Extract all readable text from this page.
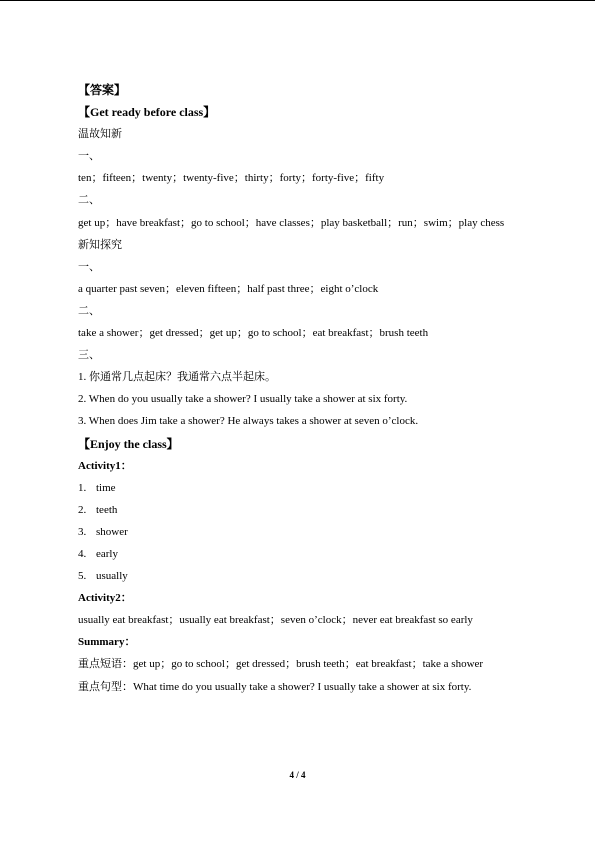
【答案】
【Get ready before class】
温故知新
一、
ten；fifteen；twenty；twenty-five；thirty；forty；forty-five；fifty
二、
get up；have breakfast；go to school；have classes；play basketball；run；swim；play chess
新知探究
一、
a quarter past seven；eleven fifteen；half past three；eight o’clock
二、
take a shower；get dressed；get up；go to school；eat breakfast；brush teeth
三、
1. 你通常几点起床？我通常六点半起床。
2. When do you usually take a shower? I usually take a shower at six forty.
3. When does Jim take a shower? He always takes a shower at seven o’clock.
【Enjoy the class】
Activity1：
1. time
2. teeth
3. shower
4. early
5. usually
Activity2：
usually eat breakfast；usually eat breakfast；seven o’clock；never eat breakfast so early
Summary：
重点短语：get up；go to school；get dressed；brush teeth；eat breakfast；take a shower
重点句型：What time do you usually take a shower? I usually take a shower at six forty.
4 / 4
